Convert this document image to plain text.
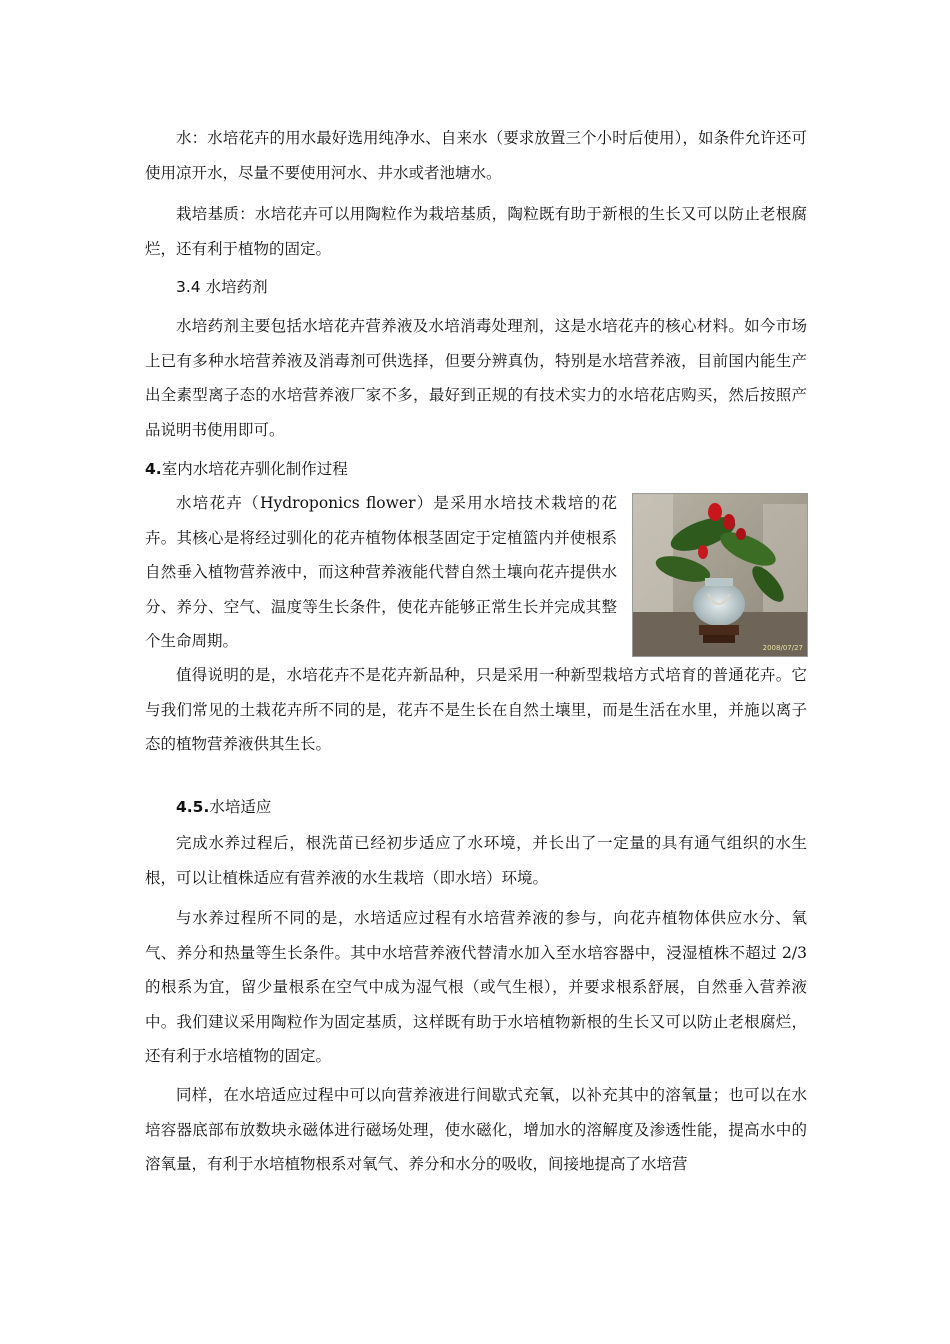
水：水培花卉的用水最好选用纯净水、自来水（要求放置三个小时后使用），如条件允许还可使用凉开水，尽量不要使用河水、井水或者池塘水。

栽培基质：水培花卉可以用陶粒作为栽培基质，陶粒既有助于新根的生长又可以防止老根腐烂，还有利于植物的固定。

3.4 水培药剂

水培药剂主要包括水培花卉营养液及水培消毒处理剂，这是水培花卉的核心材料。如今市场上已有多种水培营养液及消毒剂可供选择，但要分辨真伪，特别是水培营养液，目前国内能生产出全素型离子态的水培营养液厂家不多，最好到正规的有技术实力的水培花店购买，然后按照产品说明书使用即可。

4.室内水培花卉驯化制作过程

水培花卉（Hydroponics flower）是采用水培技术栽培的花卉。其核心是将经过驯化的花卉植物体根茎固定于定植篮内并使根系自然垂入植物营养液中，而这种营养液能代替自然土壤向花卉提供水分、养分、空气、温度等生长条件，使花卉能够正常生长并完成其整个生命周期。	2008/07/27

值得说明的是，水培花卉不是花卉新品种，只是采用一种新型栽培方式培育的普通花卉。它与我们常见的土栽花卉所不同的是，花卉不是生长在自然土壤里，而是生活在水里，并施以离子态的植物营养液供其生长。

4.5.水培适应

完成水养过程后，根洗苗已经初步适应了水环境，并长出了一定量的具有通气组织的水生根，可以让植株适应有营养液的水生栽培（即水培）环境。

与水养过程所不同的是，水培适应过程有水培营养液的参与，向花卉植物体供应水分、氧气、养分和热量等生长条件。其中水培营养液代替清水加入至水培容器中，浸湿植株不超过 2/3 的根系为宜，留少量根系在空气中成为湿气根（或气生根），并要求根系舒展，自然垂入营养液中。我们建议采用陶粒作为固定基质，这样既有助于水培植物新根的生长又可以防止老根腐烂，还有利于水培植物的固定。

同样，在水培适应过程中可以向营养液进行间歇式充氧，以补充其中的溶氧量；也可以在水培容器底部布放数块永磁体进行磁场处理，使水磁化，增加水的溶解度及渗透性能，提高水中的溶氧量，有利于水培植物根系对氧气、养分和水分的吸收，间接地提高了水培营
